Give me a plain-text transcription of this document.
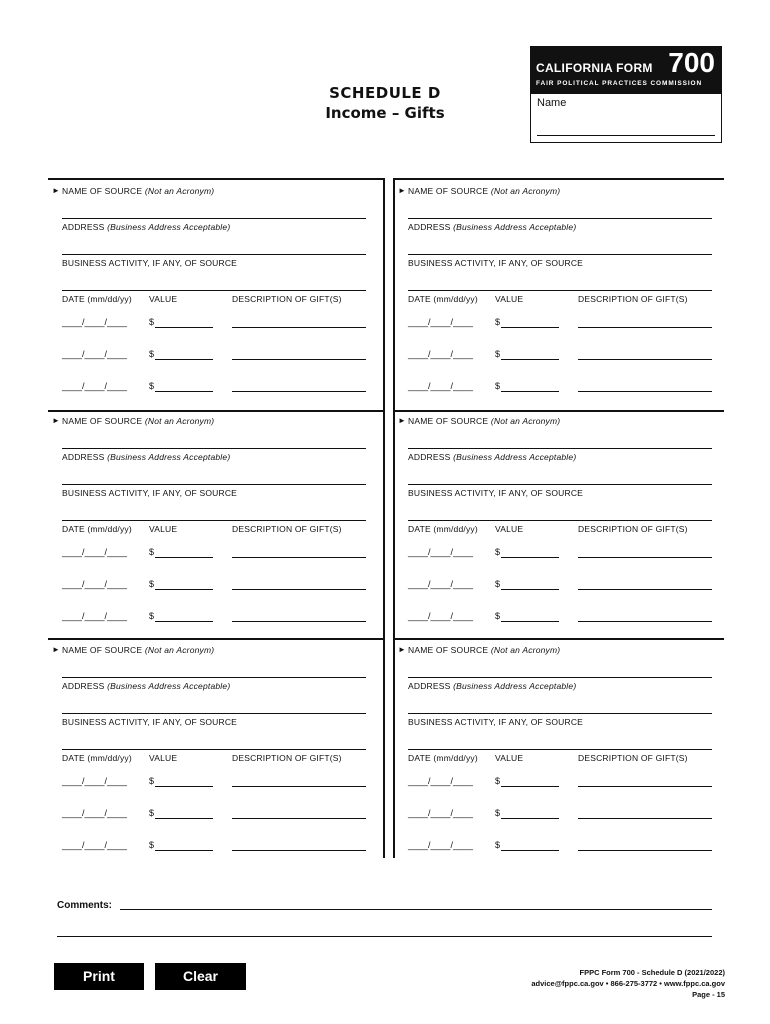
SCHEDULE D
Income – Gifts
CALIFORNIA FORM 700
FAIR POLITICAL PRACTICES COMMISSION
Name
► NAME OF SOURCE (Not an Acronym)
ADDRESS (Business Address Acceptable)
BUSINESS ACTIVITY, IF ANY, OF SOURCE
DATE (mm/dd/yy) VALUE	DESCRIPTION OF GIFT(S)
____/____/____ $
____/____/____ $
____/____/____ $
► NAME OF SOURCE (Not an Acronym)
ADDRESS (Business Address Acceptable)
BUSINESS ACTIVITY, IF ANY, OF SOURCE
DATE (mm/dd/yy) VALUE	DESCRIPTION OF GIFT(S)
____/____/____ $
____/____/____ $
____/____/____ $
► NAME OF SOURCE (Not an Acronym)
ADDRESS (Business Address Acceptable)
BUSINESS ACTIVITY, IF ANY, OF SOURCE
DATE (mm/dd/yy) VALUE	DESCRIPTION OF GIFT(S)
____/____/____ $
____/____/____ $
____/____/____ $
► NAME OF SOURCE (Not an Acronym)
ADDRESS (Business Address Acceptable)
BUSINESS ACTIVITY, IF ANY, OF SOURCE
DATE (mm/dd/yy) VALUE	DESCRIPTION OF GIFT(S)
____/____/____ $
____/____/____ $
____/____/____ $
► NAME OF SOURCE (Not an Acronym)
ADDRESS (Business Address Acceptable)
BUSINESS ACTIVITY, IF ANY, OF SOURCE
DATE (mm/dd/yy) VALUE	DESCRIPTION OF GIFT(S)
____/____/____ $
____/____/____ $
____/____/____ $
► NAME OF SOURCE (Not an Acronym)
ADDRESS (Business Address Acceptable)
BUSINESS ACTIVITY, IF ANY, OF SOURCE
DATE (mm/dd/yy) VALUE	DESCRIPTION OF GIFT(S)
____/____/____ $
____/____/____ $
____/____/____ $
Comments:
Print	Clear	FPPC Form 700 - Schedule D (2021/2022)
advice@fppc.ca.gov • 866-275-3772 • www.fppc.ca.gov
Page - 15
